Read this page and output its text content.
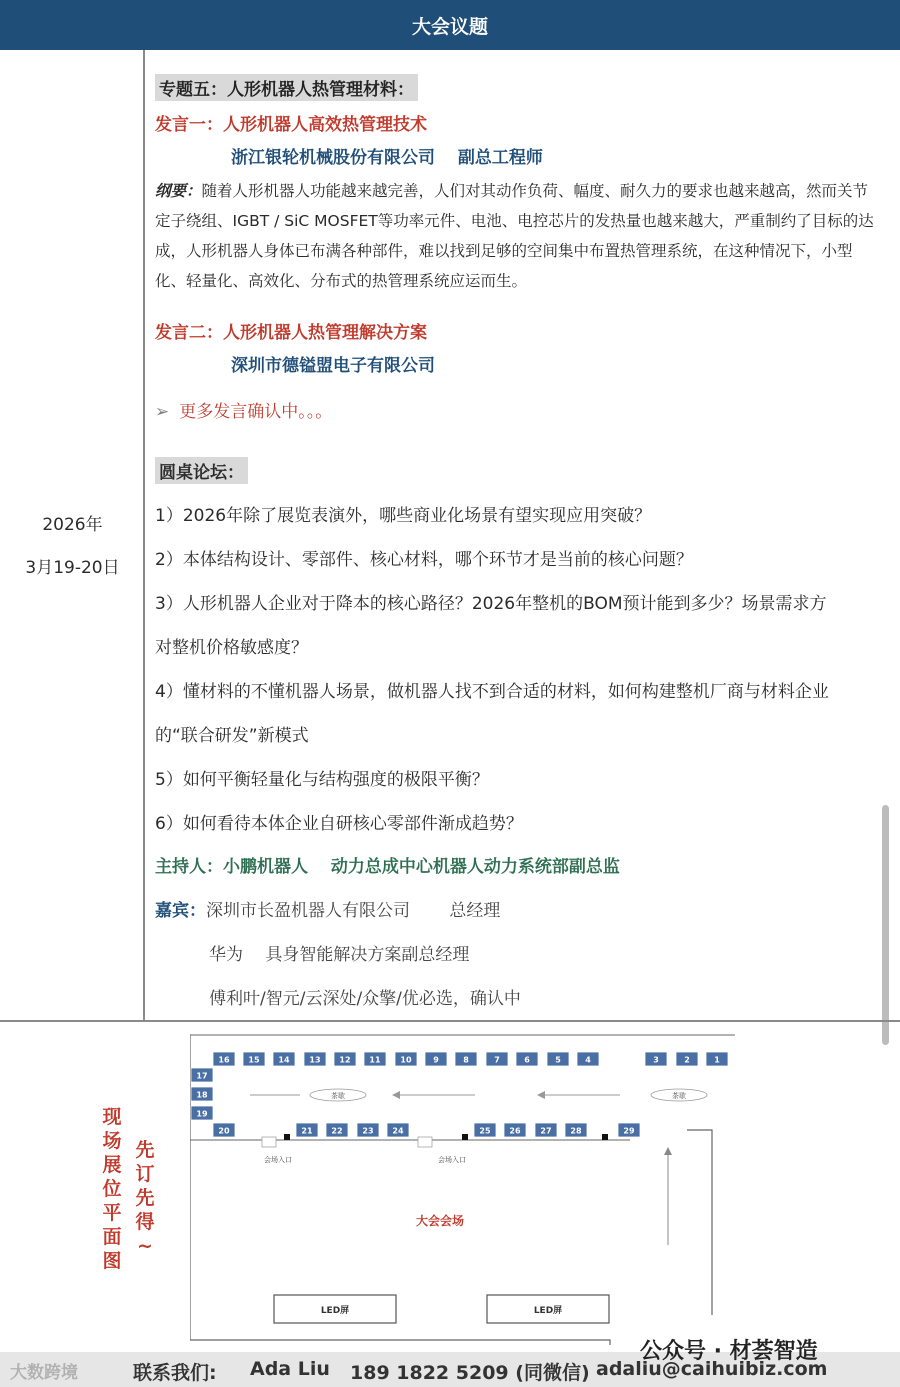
大会议题
2026年
3月19-20日
专题五：人形机器人热管理材料：
发言一：人形机器人高效热管理技术
浙江银轮机械股份有限公司　 副总工程师
纲要：随着人形机器人功能越来越完善，人们对其动作负荷、幅度、耐久力的要求也越来越高，然而关节定子绕组、IGBT / SiC MOSFET等功率元件、电池、电控芯片的发热量也越来越大，严重制约了目标的达成，人形机器人身体已布满各种部件，难以找到足够的空间集中布置热管理系统，在这种情况下，小型化、轻量化、高效化、分布式的热管理系统应运而生。
发言二：人形机器人热管理解决方案
深圳市德镒盟电子有限公司
➢ 更多发言确认中。。。
圆桌论坛：
1）2026年除了展览表演外，哪些商业化场景有望实现应用突破？
2）本体结构设计、零部件、核心材料，哪个环节才是当前的核心问题？
3）人形机器人企业对于降本的核心路径？2026年整机的BOM预计能到多少？场景需求方
对整机价格敏感度？
4）懂材料的不懂机器人场景，做机器人找不到合适的材料，如何构建整机厂商与材料企业
的“联合研发”新模式
5）如何平衡轻量化与结构强度的极限平衡？
6）如何看待本体企业自研核心零部件渐成趋势？
主持人：小鹏机器人　 动力总成中心机器人动力系统部副总监
嘉宾：深圳市长盈机器人有限公司　　 总经理
华为　 具身智能解决方案副总经理
傅利叶/智元/云深处/众擎/优必选，确认中
现场展位平面图
先订先得~
16 15 14 13 12 11 10	9	8	7	6	5	4	3	2	1
17
18
19
20	21 22 23 24	25 26 27 28	29
茶歇	茶歇
会场入口	会场入口
大会会场
LED屏	LED屏
大数跨境	联系我们: Ada Liu 189 1822 5209 (同微信) adaliu@caihuibiz.com
公众号 · 材荟智造
